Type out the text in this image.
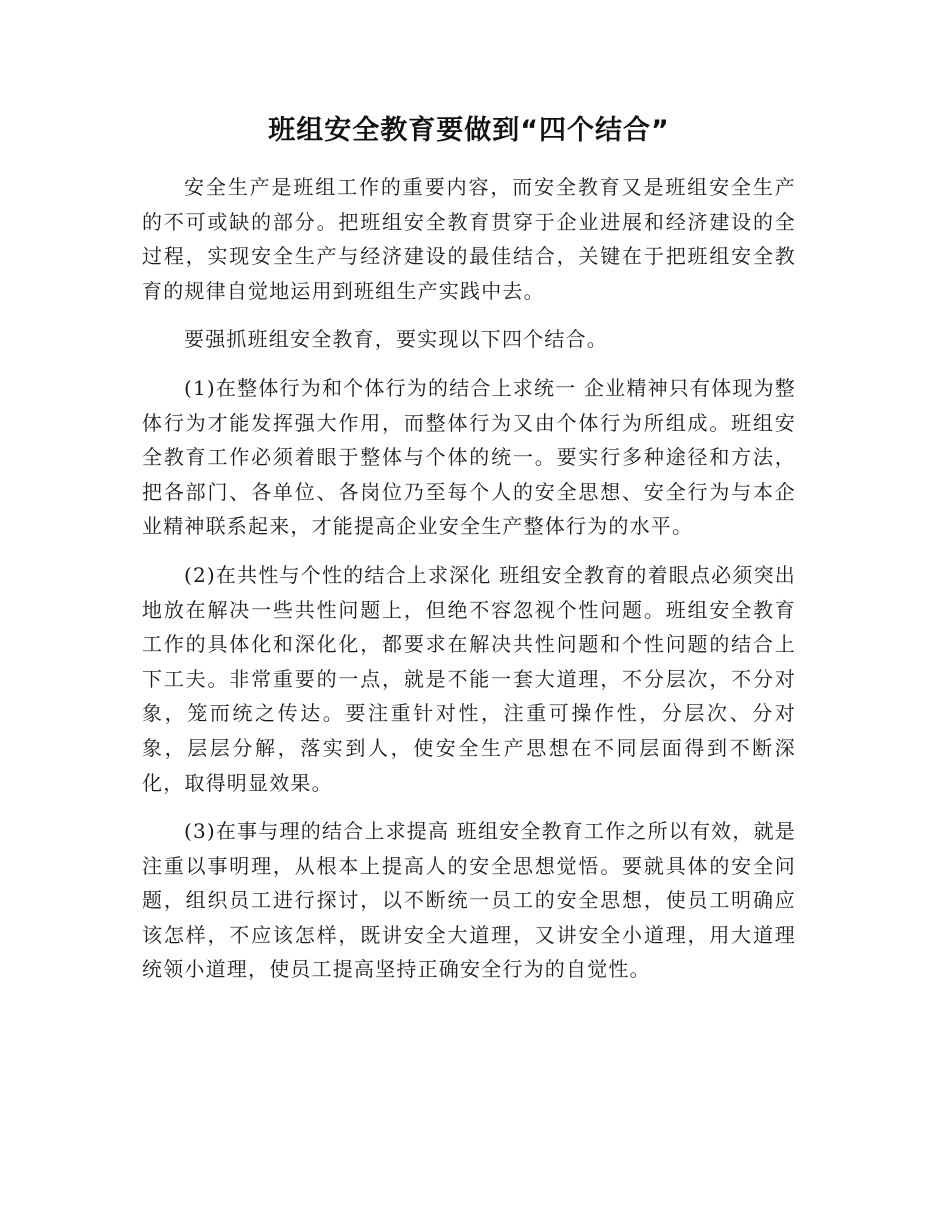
班组安全教育要做到“四个结合”

安全生产是班组工作的重要内容，而安全教育又是班组安全生产的不可或缺的部分。把班组安全教育贯穿于企业进展和经济建设的全过程，实现安全生产与经济建设的最佳结合，关键在于把班组安全教育的规律自觉地运用到班组生产实践中去。

要强抓班组安全教育，要实现以下四个结合。

(1)在整体行为和个体行为的结合上求统一 企业精神只有体现为整体行为才能发挥强大作用，而整体行为又由个体行为所组成。班组安全教育工作必须着眼于整体与个体的统一。要实行多种途径和方法，把各部门、各单位、各岗位乃至每个人的安全思想、安全行为与本企业精神联系起来，才能提高企业安全生产整体行为的水平。

(2)在共性与个性的结合上求深化 班组安全教育的着眼点必须突出地放在解决一些共性问题上，但绝不容忽视个性问题。班组安全教育工作的具体化和深化化，都要求在解决共性问题和个性问题的结合上下工夫。非常重要的一点，就是不能一套大道理，不分层次，不分对象，笼而统之传达。要注重针对性，注重可操作性，分层次、分对象，层层分解，落实到人，使安全生产思想在不同层面得到不断深化，取得明显效果。

(3)在事与理的结合上求提高 班组安全教育工作之所以有效，就是注重以事明理，从根本上提高人的安全思想觉悟。要就具体的安全问题，组织员工进行探讨，以不断统一员工的安全思想，使员工明确应该怎样，不应该怎样，既讲安全大道理，又讲安全小道理，用大道理统领小道理，使员工提高坚持正确安全行为的自觉性。
